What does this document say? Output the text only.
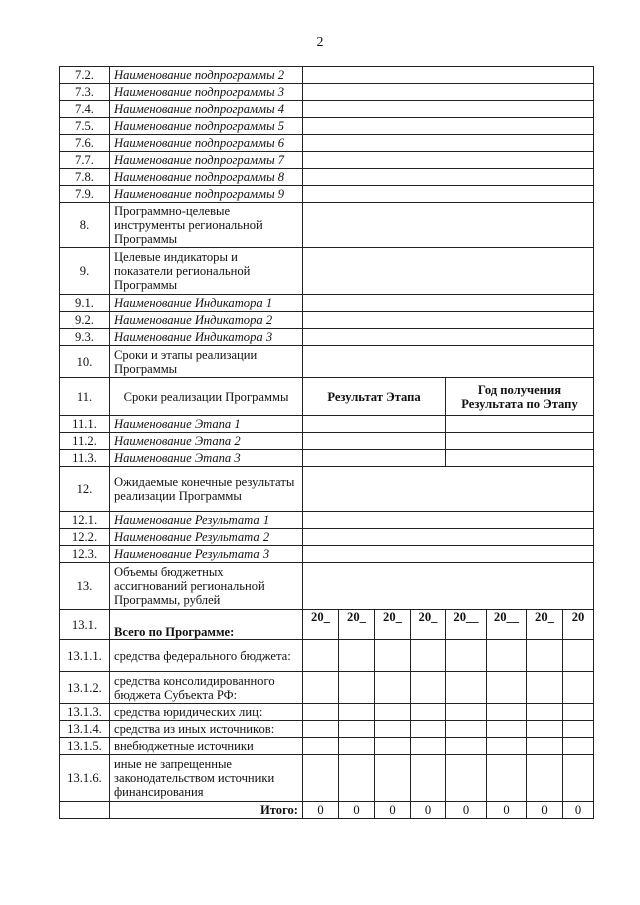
2
7.2.	Наименование подпрограммы 2								
7.3.	Наименование подпрограммы 3								
7.4.	Наименование подпрограммы 4								
7.5.	Наименование подпрограммы 5								
7.6.	Наименование подпрограммы 6								
7.7.	Наименование подпрограммы 7								
7.8.	Наименование подпрограммы 8								
7.9.	Наименование подпрограммы 9								
8.	Программно-целевые инструменты региональной Программы								
9.	Целевые индикаторы и показатели региональной Программы								
9.1.	Наименование Индикатора 1								
9.2.	Наименование Индикатора 2								
9.3.	Наименование Индикатора 3								
10.	Сроки и этапы реализации Программы								
11.	Сроки реализации Программы	Результат Этапа				Год получения Результата по Этапу			
11.1.	Наименование Этапа 1								
11.2.	Наименование Этапа 2								
11.3.	Наименование Этапа 3								
12.	Ожидаемые конечные результаты реализации Программы								
12.1.	Наименование Результата 1								
12.2.	Наименование Результата 2								
12.3.	Наименование Результата 3								
13.	Объемы бюджетных ассигнований региональной Программы, рублей								
13.1.	Всего по Программе:	20_	20_	20_	20_	20__	20__	20_	20
13.1.1.	средства федерального бюджета:								
13.1.2.	средства консолидированного бюджета Субъекта РФ:								
13.1.3.	средства юридических лиц:								
13.1.4.	средства из иных источников:								
13.1.5.	внебюджетные источники								
13.1.6.	иные не запрещенные законодательством источники финансирования								
	Итого:	0	0	0	0	0	0	0	0
